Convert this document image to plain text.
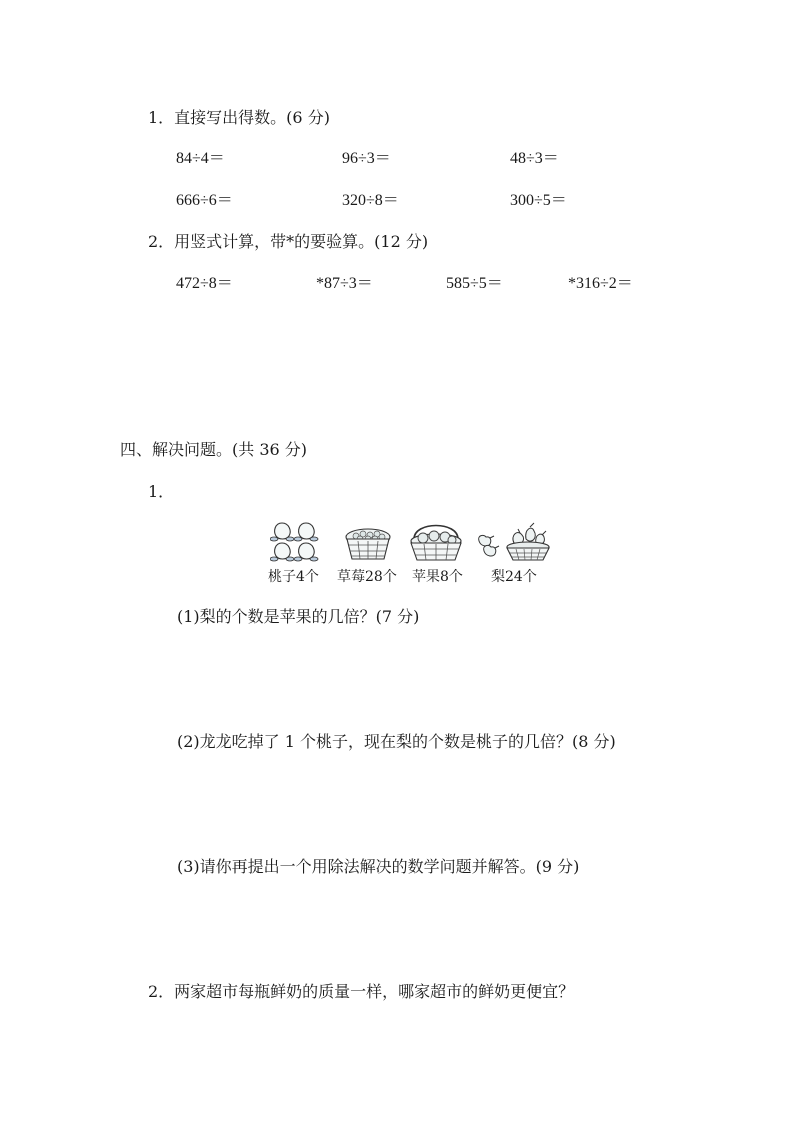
1．直接写出得数。(6 分)
84÷4＝	96÷3＝	48÷3＝
666÷6＝	320÷8＝	300÷5＝
2．用竖式计算，带*的要验算。(12 分)
472÷8＝	*87÷3＝	585÷5＝	*316÷2＝
四、解决问题。(共 36 分)
1．
桃子4个 草莓28个 苹果8个 梨24个
(1)梨的个数是苹果的几倍？(7 分)
(2)龙龙吃掉了 1 个桃子，现在梨的个数是桃子的几倍？(8 分)
(3)请你再提出一个用除法解决的数学问题并解答。(9 分)
2．两家超市每瓶鲜奶的质量一样，哪家超市的鲜奶更便宜？
